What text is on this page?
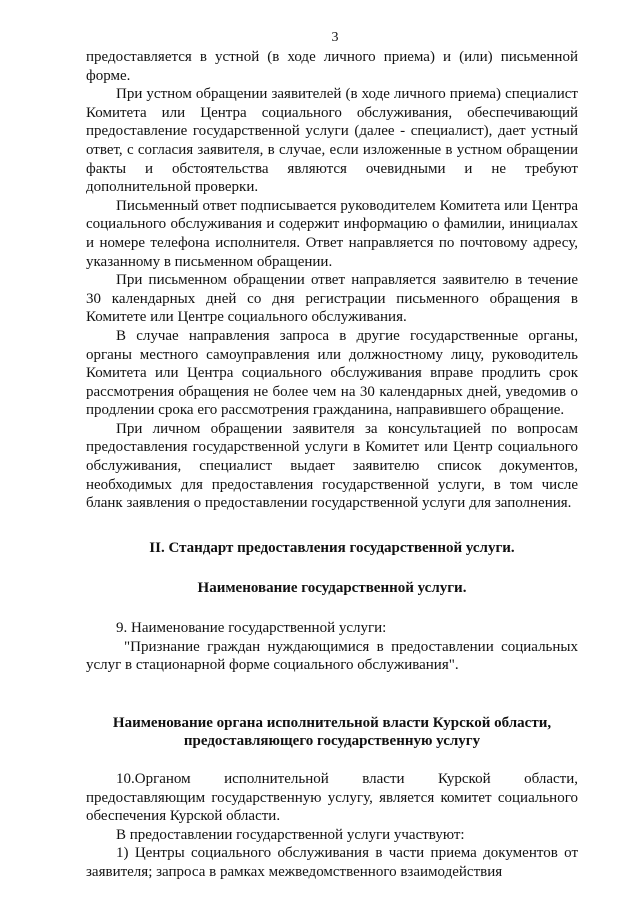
3

предоставляется в устной (в ходе личного приема) и (или) письменной форме.

При устном обращении заявителей (в ходе личного приема) специалист Комитета или Центра социального обслуживания, обеспечивающий предоставление государственной услуги (далее - специалист), дает устный ответ, с согласия заявителя, в случае, если изложенные в устном обращении факты и обстоятельства являются очевидными и не требуют дополнительной проверки.

Письменный ответ подписывается руководителем Комитета или Центра социального обслуживания и содержит информацию о фамилии, инициалах и номере телефона исполнителя. Ответ направляется по почтовому адресу, указанному в письменном обращении.

При письменном обращении ответ направляется заявителю в течение 30 календарных дней со дня регистрации письменного обращения в Комитете или Центре социального обслуживания.

В случае направления запроса в другие государственные органы, органы местного самоуправления или должностному лицу, руководитель Комитета или Центра социального обслуживания вправе продлить срок рассмотрения обращения не более чем на 30 календарных дней, уведомив о продлении срока его рассмотрения гражданина, направившего обращение.

При личном обращении заявителя за консультацией по вопросам предоставления государственной услуги в Комитет или Центр социального обслуживания, специалист выдает заявителю список документов, необходимых для предоставления государственной услуги, в том числе бланк заявления о предоставлении государственной услуги для заполнения.

II. Стандарт предоставления государственной услуги.

Наименование государственной услуги.

9. Наименование государственной услуги:

"Признание граждан нуждающимися в предоставлении социальных услуг в стационарной форме социального обслуживания".

Наименование органа исполнительной власти Курской области,
предоставляющего государственную услугу

10.Органом исполнительной власти Курской области, предоставляющим государственную услугу, является комитет социального обеспечения Курской области.

В предоставлении государственной услуги участвуют:

1) Центры социального обслуживания в части приема документов от заявителя; запроса в рамках межведомственного взаимодействия
